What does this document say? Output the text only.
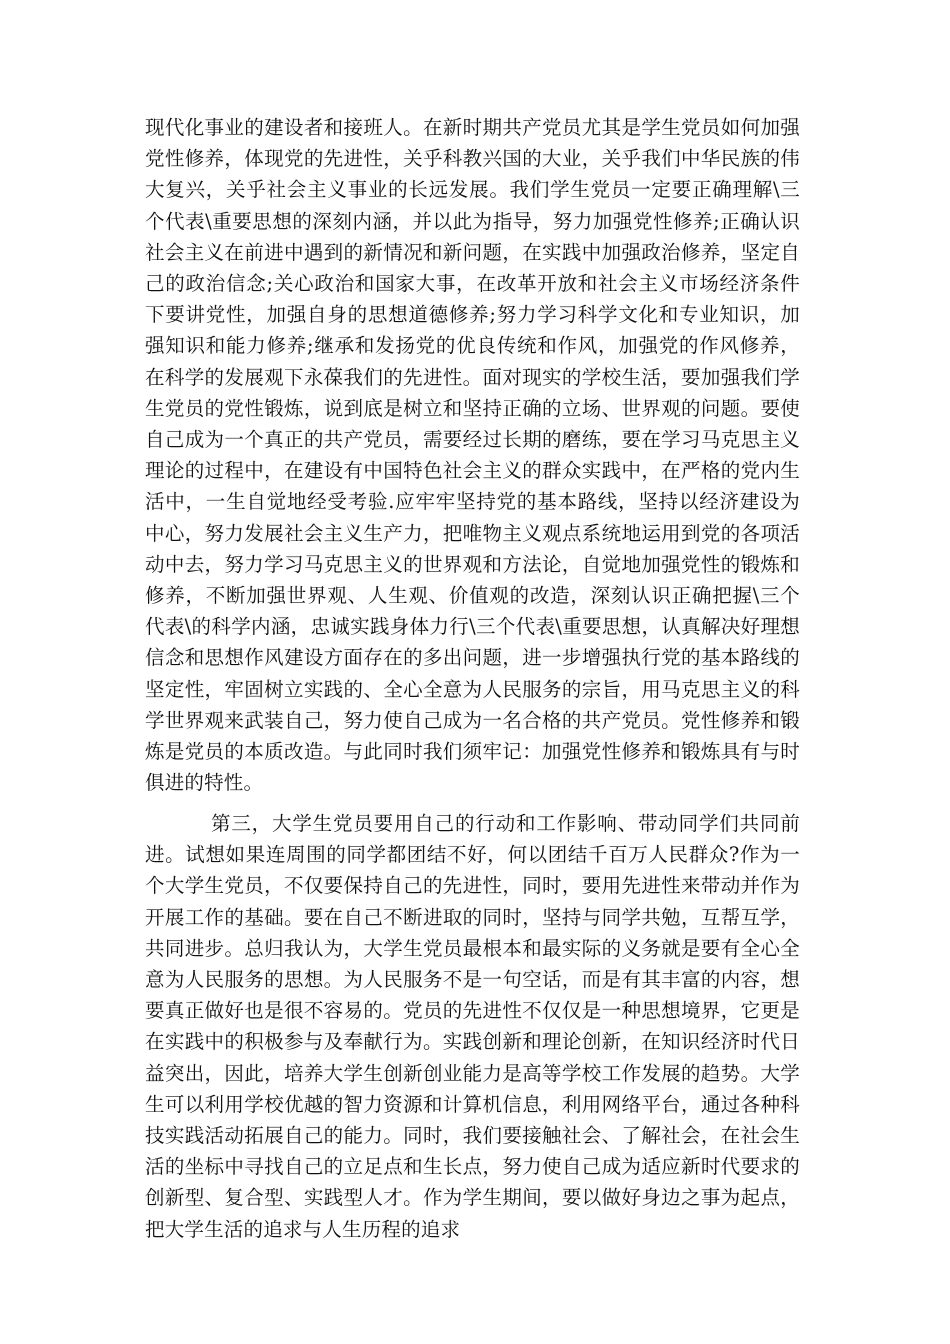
现代化事业的建设者和接班人。在新时期共产党员尤其是学生党员如何加强党性修养，体现党的先进性，关乎科教兴国的大业，关乎我们中华民族的伟大复兴，关乎社会主义事业的长远发展。我们学生党员一定要正确理解\三个代表\重要思想的深刻内涵，并以此为指导，努力加强党性修养;正确认识社会主义在前进中遇到的新情况和新问题，在实践中加强政治修养，坚定自己的政治信念;关心政治和国家大事，在改革开放和社会主义市场经济条件下要讲党性，加强自身的思想道德修养;努力学习科学文化和专业知识，加强知识和能力修养;继承和发扬党的优良传统和作风，加强党的作风修养，在科学的发展观下永葆我们的先进性。面对现实的学校生活，要加强我们学生党员的党性锻炼，说到底是树立和坚持正确的立场、世界观的问题。要使自己成为一个真正的共产党员，需要经过长期的磨练，要在学习马克思主义理论的过程中，在建设有中国特色社会主义的群众实践中，在严格的党内生活中，一生自觉地经受考验.应牢牢坚持党的基本路线，坚持以经济建设为中心，努力发展社会主义生产力，把唯物主义观点系统地运用到党的各项活动中去，努力学习马克思主义的世界观和方法论，自觉地加强党性的锻炼和修养，不断加强世界观、人生观、价值观的改造，深刻认识正确把握\三个代表\的科学内涵，忠诚实践身体力行\三个代表\重要思想，认真解决好理想信念和思想作风建设方面存在的多出问题，进一步增强执行党的基本路线的坚定性，牢固树立实践的、全心全意为人民服务的宗旨，用马克思主义的科学世界观来武装自己，努力使自己成为一名合格的共产党员。党性修养和锻炼是党员的本质改造。与此同时我们须牢记：加强党性修养和锻炼具有与时俱进的特性。

第三，大学生党员要用自己的行动和工作影响、带动同学们共同前进。试想如果连周围的同学都团结不好，何以团结千百万人民群众?作为一个大学生党员，不仅要保持自己的先进性，同时，要用先进性来带动并作为开展工作的基础。要在自己不断进取的同时，坚持与同学共勉，互帮互学，共同进步。总归我认为，大学生党员最根本和最实际的义务就是要有全心全意为人民服务的思想。为人民服务不是一句空话，而是有其丰富的内容，想要真正做好也是很不容易的。党员的先进性不仅仅是一种思想境界，它更是在实践中的积极参与及奉献行为。实践创新和理论创新，在知识经济时代日益突出，因此，培养大学生创新创业能力是高等学校工作发展的趋势。大学生可以利用学校优越的智力资源和计算机信息，利用网络平台，通过各种科技实践活动拓展自己的能力。同时，我们要接触社会、了解社会，在社会生活的坐标中寻找自己的立足点和生长点，努力使自己成为适应新时代要求的创新型、复合型、实践型人才。作为学生期间，要以做好身边之事为起点，把大学生活的追求与人生历程的追求
